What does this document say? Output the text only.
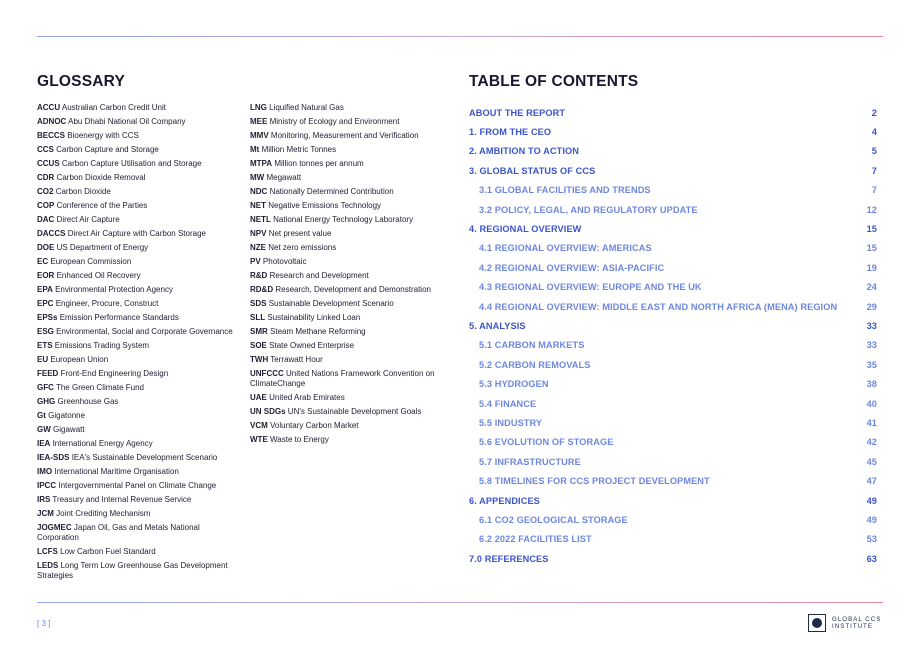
GLOSSARY
ACCU Australian Carbon Credit Unit
ADNOC Abu Dhabi National Oil Company
BECCS Bioenergy with CCS
CCS Carbon Capture and Storage
CCUS Carbon Capture Utilisation and Storage
CDR Carbon Dioxide Removal
CO2 Carbon Dioxide
COP Conference of the Parties
DAC Direct Air Capture
DACCS Direct Air Capture with Carbon Storage
DOE US Department of Energy
EC European Commission
EOR Enhanced Oil Recovery
EPA Environmental Protection Agency
EPC Engineer, Procure, Construct
EPSs Emission Performance Standards
ESG Environmental, Social and Corporate Governance
ETS Emissions Trading System
EU European Union
FEED Front-End Engineering Design
GFC The Green Climate Fund
GHG Greenhouse Gas
Gt Gigatonne
GW Gigawatt
IEA International Energy Agency
IEA-SDS IEA's Sustainable Development Scenario
IMO International Maritime Organisation
IPCC Intergovernmental Panel on Climate Change
IRS Treasury and Internal Revenue Service
JCM Joint Crediting Mechanism
JOGMEC Japan Oil, Gas and Metals National Corporation
LCFS Low Carbon Fuel Standard
LEDS Long Term Low Greenhouse Gas Development Strategies
LNG Liquified Natural Gas
MEE Ministry of Ecology and Environment
MMV Monitoring, Measurement and Verification
Mt Million Metric Tonnes
MTPA Million tonnes per annum
MW Megawatt
NDC Nationally Determined Contribution
NET Negative Emissions Technology
NETL National Energy Technology Laboratory
NPV Net present value
NZE Net zero emissions
PV Photovoltaic
R&D Research and Development
RD&D Research, Development and Demonstration
SDS Sustainable Development Scenario
SLL Sustainability Linked Loan
SMR Steam Methane Reforming
SOE State Owned Enterprise
TWH Terrawatt Hour
UNFCCC United Nations Framework Convention on ClimateChange
UAE United Arab Emirates
UN SDGs UN's Sustainable Development Goals
VCM Voluntary Carbon Market
WTE Waste to Energy
TABLE OF CONTENTS
ABOUT THE REPORT	2
1. FROM THE CEO	4
2. AMBITION TO ACTION	5
3. GLOBAL STATUS OF CCS	7
3.1 GLOBAL FACILITIES AND TRENDS	7
3.2 POLICY, LEGAL, AND REGULATORY UPDATE	12
4. REGIONAL OVERVIEW	15
4.1 REGIONAL OVERVIEW: AMERICAS	15
4.2 REGIONAL OVERVIEW: ASIA-PACIFIC	19
4.3 REGIONAL OVERVIEW: EUROPE AND THE UK	24
4.4 REGIONAL OVERVIEW: MIDDLE EAST AND NORTH AFRICA (MENA) REGION	29
5. ANALYSIS	33
5.1 CARBON MARKETS	33
5.2 CARBON REMOVALS	35
5.3 HYDROGEN	38
5.4 FINANCE	40
5.5 INDUSTRY	41
5.6 EVOLUTION OF STORAGE	42
5.7 INFRASTRUCTURE	45
5.8 TIMELINES FOR CCS PROJECT DEVELOPMENT	47
6. APPENDICES	49
6.1 CO2 GEOLOGICAL STORAGE	49
6.2 2022 FACILITIES LIST	53
7.0 REFERENCES	63
[ 3 ]	GLOBAL CCS
INSTITUTE
